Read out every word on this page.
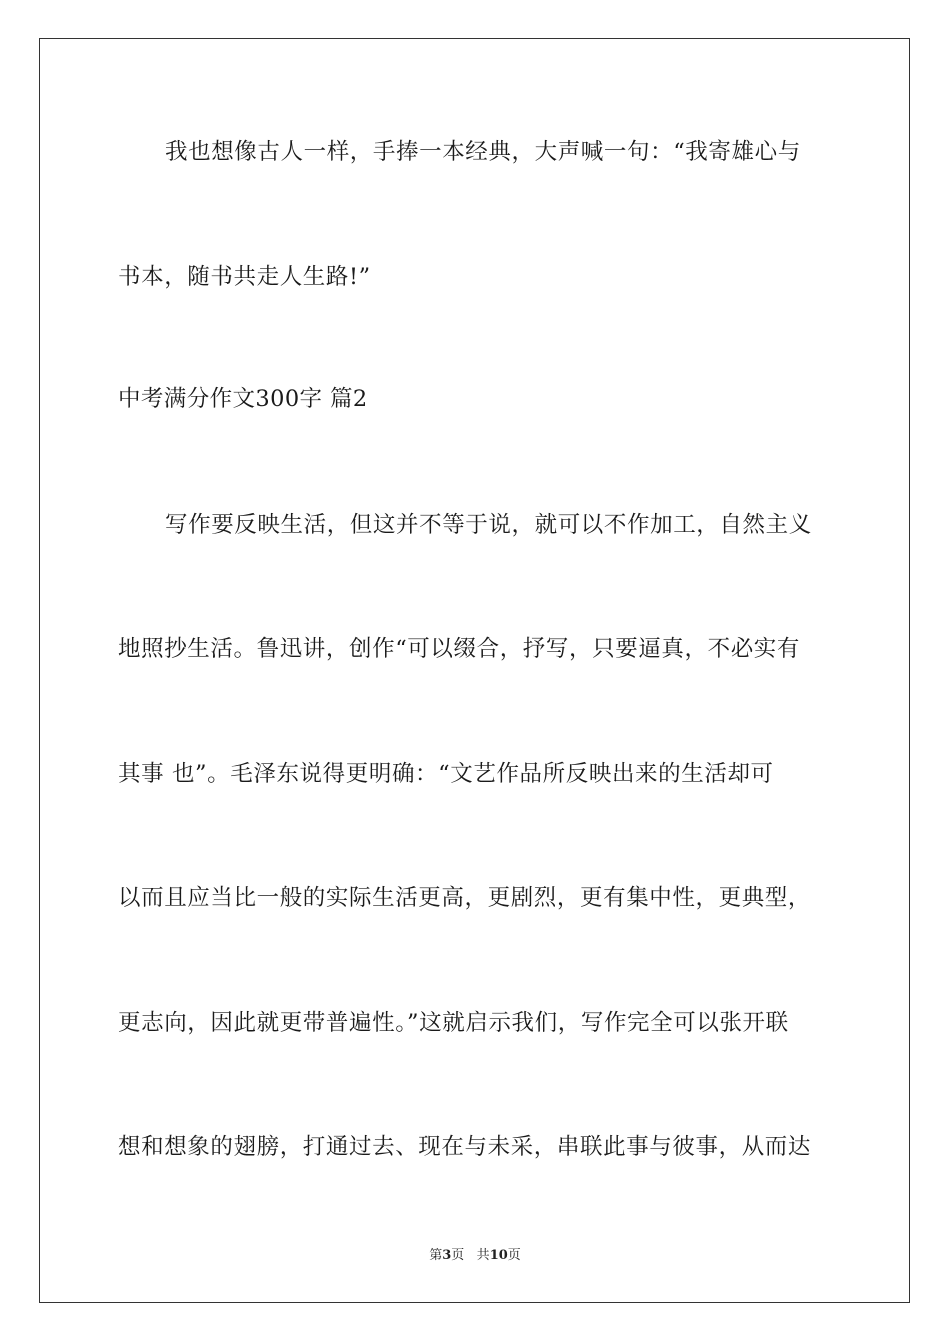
我也想像古人一样，手捧一本经典，大声喊一句：“我寄雄心与
书本，随书共走人生路!”
中考满分作文300字 篇2
写作要反映生活，但这并不等于说，就可以不作加工，自然主义
地照抄生活。鲁迅讲，创作“可以缀合，抒写，只要逼真，不必实有
其事 也”。毛泽东说得更明确：“文艺作品所反映出来的生活却可
以而且应当比一般的实际生活更高，更剧烈，更有集中性，更典型，
更志向，因此就更带普遍性。”这就启示我们，写作完全可以张开联
想和想象的翅膀，打通过去、现在与未采，串联此事与彼事，从而达
第3页 共10页
